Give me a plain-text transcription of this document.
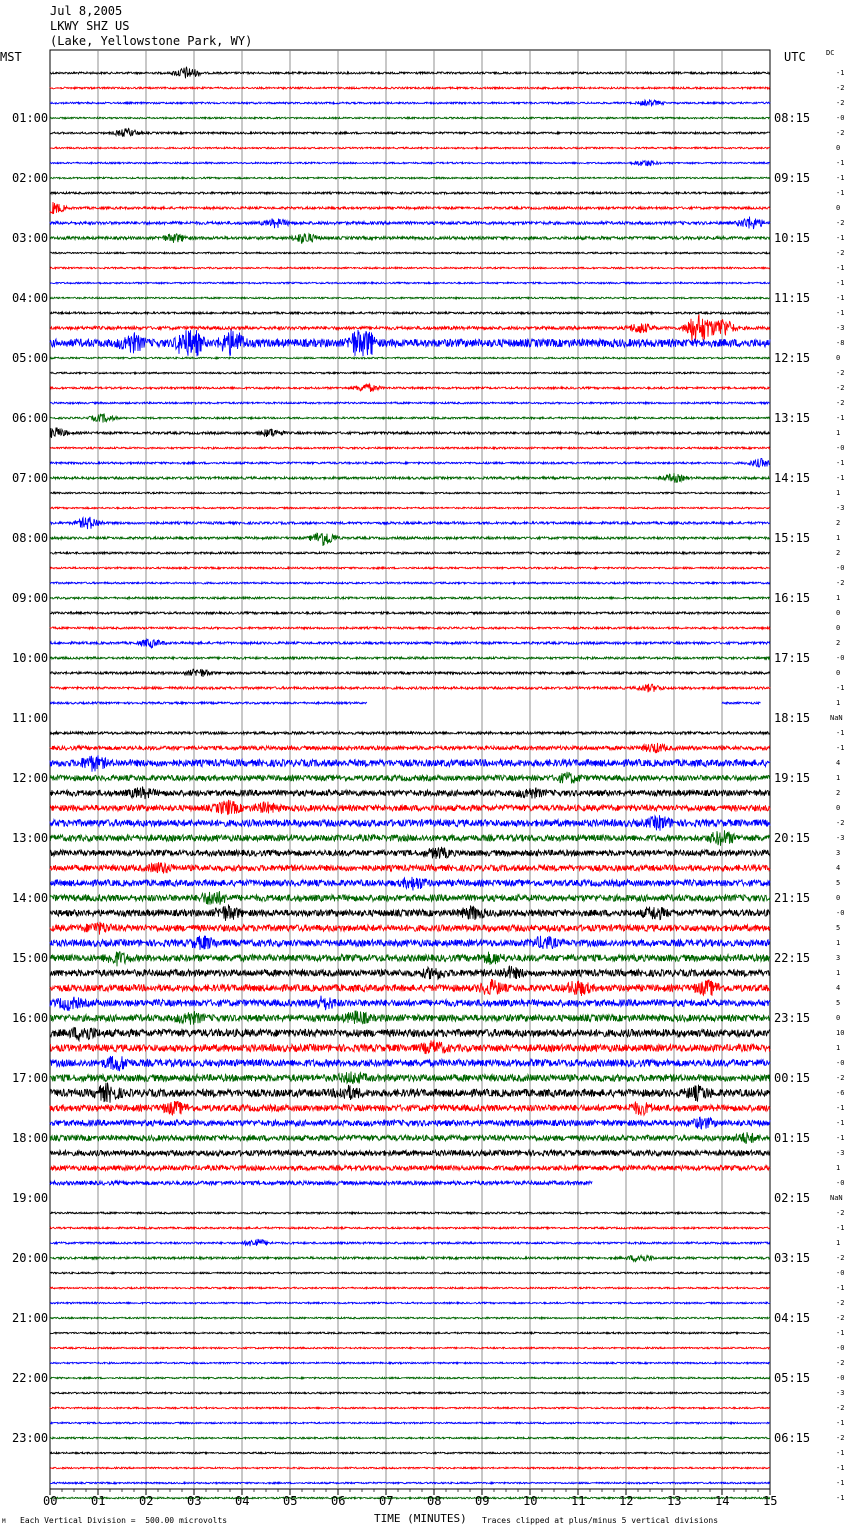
Jul 8,2005
LKWY SHZ US
(Lake, Yellowstone Park, WY)
MST	UTC	DC
01:00
02:00
03:00
04:00
05:00
06:00
07:00
08:00
09:00
10:00
11:00
12:00
13:00
14:00
15:00
16:00
17:00
18:00
19:00
20:00
21:00
22:00
23:00
08:15
09:15
10:15
11:15
12:15
13:15
14:15
15:15
16:15
17:15
18:15
19:15
20:15
21:15
22:15
23:15
00:15
01:15
02:15
03:15
04:15
05:15
06:15
-1
-2
-2
-0
-2
0
-1
-1
-1
0
-2
-1
-2
-1
-1
-1
-1
-3
-8
0
-2
-2
-2
-1
1
-0
-1
-1
1
-3
2
1
2
-0
-2
1
0
0
2
-0
0
-1
1
NaN
-1
-1
4
1
2
0
-2
-3
3
4
5
0
-0
5
1
3
1
4
5
0
10
1
-0
-2
-6
-1
-1
-1
-3
1
-0
NaN
-2
-1
1
-2
-0
-1
-2
-2
-1
-0
-2
-0
-3
-2
-1
-2
-1
-1
-1
-1
00	01	02	03	04	05	06	07	08	09	10	11	12	13	14	15
M Each Vertical Division =  500.00 microvolts	TIME (MINUTES) Traces clipped at plus/minus 5 vertical divisions
